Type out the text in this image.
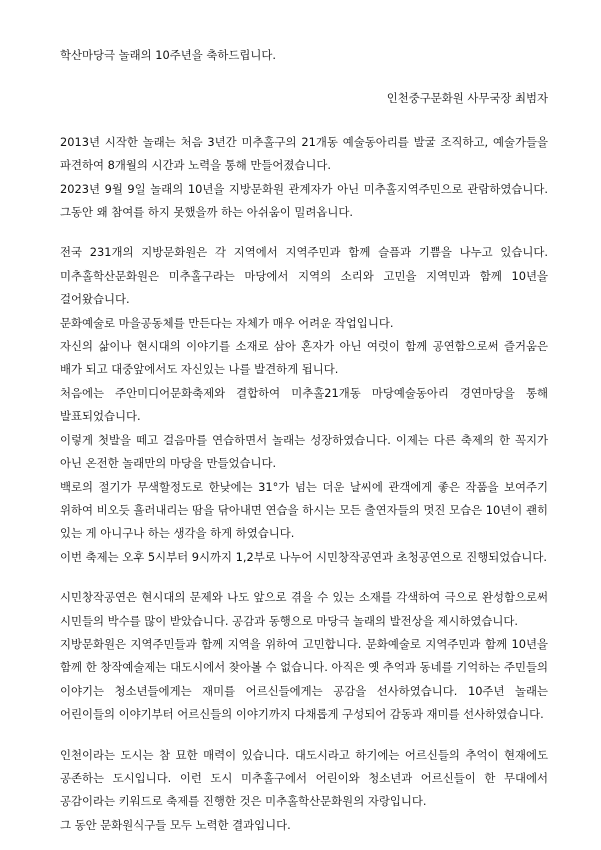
학산마당극 놀래의 10주년을 축하드립니다.

인천중구문화원 사무국장 최범자

2013년 시작한 놀래는 처음 3년간 미추홀구의 21개동 예술동아리를 발굴 조직하고, 예술가들을 파견하여 8개월의 시간과 노력을 통해 만들어졌습니다.

2023년 9월 9일 놀래의 10년을 지방문화원 관계자가 아닌 미추홀지역주민으로 관람하였습니다. 그동안 왜 참여를 하지 못했을까 하는 아쉬움이 밀려옵니다.

전국 231개의 지방문화원은 각 지역에서 지역주민과 함께 슬픔과 기쁨을 나누고 있습니다. 미추홀학산문화원은 미추홀구라는 마당에서 지역의 소리와 고민을 지역민과 함께 10년을 걸어왔습니다.

문화예술로 마을공동체를 만든다는 자체가 매우 어려운 작업입니다.

자신의 삶이나 현시대의 이야기를 소재로 삼아 혼자가 아닌 여럿이 함께 공연함으로써 즐거움은 배가 되고 대중앞에서도 자신있는 나를 발견하게 됩니다.

처음에는 주안미디어문화축제와 결합하여 미추홀21개동 마당예술동아리 경연마당을 통해 발표되었습니다.

이렇게 첫발을 떼고 걸음마를 연습하면서 놀래는 성장하였습니다. 이제는 다른 축제의 한 꼭지가 아닌 온전한 놀래만의 마당을 만들었습니다.

백로의 절기가 무색할정도로 한낮에는 31°가 넘는 더운 날씨에 관객에게 좋은 작품을 보여주기 위하여 비오듯 흘러내리는 땀을 닦아내면 연습을 하시는 모든 출연자들의 멋진 모습은 10년이 괜히 있는 게 아니구나 하는 생각을 하게 하였습니다.

이번 축제는 오후 5시부터 9시까지 1,2부로 나누어 시민창작공연과 초청공연으로 진행되었습니다.

시민창작공연은 현시대의 문제와 나도 앞으로 겪을 수 있는 소재를 각색하여 극으로 완성함으로써 시민들의 박수를 많이 받았습니다. 공감과 동행으로 마당극 놀래의 발전상을 제시하였습니다.

지방문화원은 지역주민들과 함께 지역을 위하여 고민합니다. 문화예술로 지역주민과 함께 10년을 함께 한 창작예술제는 대도시에서 찾아볼 수 없습니다. 아직은 옛 추억과 동네를 기억하는 주민들의 이야기는 청소년들에게는 재미를 어르신들에게는 공감을 선사하였습니다. 10주년 놀래는 어린이들의 이야기부터 어르신들의 이야기까지 다채롭게 구성되어 감동과 재미를 선사하였습니다.

인천이라는 도시는 참 묘한 매력이 있습니다. 대도시라고 하기에는 어르신들의 추억이 현재에도 공존하는 도시입니다. 이런 도시 미추홀구에서 어린이와 청소년과 어르신들이 한 무대에서 공감이라는 키워드로 축제를 진행한 것은 미추홀학산문화원의 자랑입니다.

그 동안 문화원식구들 모두 노력한 결과입니다.
